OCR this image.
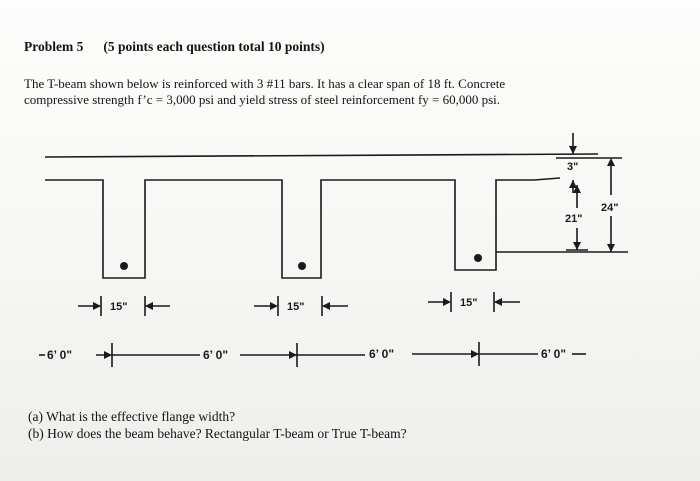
Problem 5 (5 points each question total 10 points)

The T-beam shown below is reinforced with 3 #11 bars. It has a clear span of 18 ft. Concrete

compressive strength f’c = 3,000 psi and yield stress of steel reinforcement fy = 60,000 psi.

3"
21"
24"
15"	15"	15"
6’ 0"	6’ 0"	6’ 0"	6’ 0"

(a) What is the effective flange width?

(b) How does the beam behave? Rectangular T-beam or True T-beam?
